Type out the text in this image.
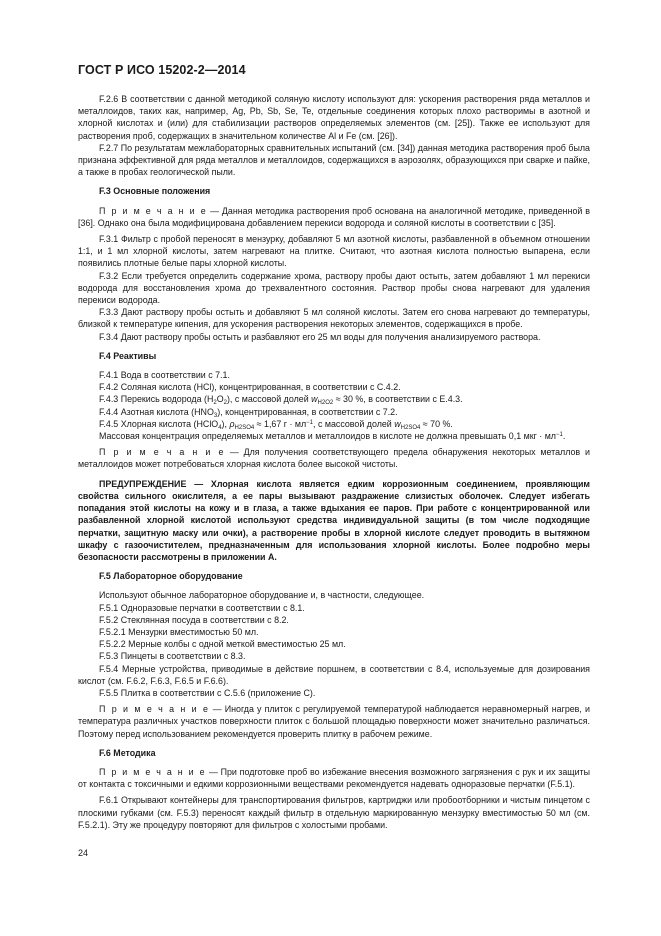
ГОСТ Р ИСО 15202-2—2014

F.2.6 В соответствии с данной методикой соляную кислоту используют для: ускорения растворения ряда металлов и металлоидов, таких как, например, Ag, Pb, Sb, Se, Te, отдельные соединения которых плохо растворимы в азотной и хлорной кислотах и (или) для стабилизации растворов определяемых элементов (см. [25]). Также ее используют для растворения проб, содержащих в значительном количестве Al и Fe (см. [26]).

F.2.7 По результатам межлабораторных сравнительных испытаний (см. [34]) данная методика растворения проб была признана эффективной для ряда металлов и металлоидов, содержащихся в аэрозолях, образующихся при сварке и пайке, а также в пробах геологической пыли.

F.3 Основные положения

П р и м е ч а н и е — Данная методика растворения проб основана на аналогичной методике, приведенной в [36]. Однако она была модифицирована добавлением перекиси водорода и соляной кислоты в соответствии с [35].

F.3.1 Фильтр с пробой переносят в мензурку, добавляют 5 мл азотной кислоты, разбавленной в объемном отношении 1:1, и 1 мл хлорной кислоты, затем нагревают на плитке. Считают, что азотная кислота полностью выпарена, если появились плотные белые пары хлорной кислоты.

F.3.2 Если требуется определить содержание хрома, раствору пробы дают остыть, затем добавляют 1 мл перекиси водорода для восстановления хрома до трехвалентного состояния. Раствор пробы снова нагревают для удаления перекиси водорода.

F.3.3 Дают раствору пробы остыть и добавляют 5 мл соляной кислоты. Затем его снова нагревают до температуры, близкой к температуре кипения, для ускорения растворения некоторых элементов, содержащихся в пробе.

F.3.4 Дают раствору пробы остыть и разбавляют его 25 мл воды для получения анализируемого раствора.

F.4 Реактивы

F.4.1 Вода в соответствии с 7.1.

F.4.2 Соляная кислота (HCl), концентрированная, в соответствии с С.4.2.

F.4.3 Перекись водорода $(H_2O_2)$, с массовой долей $w_{H2O2} \approx 30$ %, в соответствии с E.4.3.

F.4.4 Азотная кислота $(HNO_3)$, концентрированная, в соответствии с 7.2.

F.4.5 Хлорная кислота (HClO$_4$), $\rho_{H2SO4} \approx 1,67$ $г \cdot мл^{-1}$, с массовой долей $w_{H2SO4} \approx 70$ %.

Массовая концентрация определяемых металлов и металлоидов в кислоте не должна превышать 0,1 мкг · $мл^{-1}$.

П р и м е ч а н и е — Для получения соответствующего предела обнаружения некоторых металлов и металлоидов может потребоваться хлорная кислота более высокой чистоты.

ПРЕДУПРЕЖДЕНИЕ — Хлорная кислота является едким коррозионным соединением, проявляющим свойства сильного окислителя, а ее пары вызывают раздражение слизистых оболочек. Следует избегать попадания этой кислоты на кожу и в глаза, а также вдыхания ее паров. При работе с концентрированной или разбавленной хлорной кислотой используют средства индивидуальной защиты (в том числе подходящие перчатки, защитную маску или очки), а растворение пробы в хлорной кислоте следует проводить в вытяжном шкафу с газоочистителем, предназначенным для использования хлорной кислоты. Более подробно меры безопасности рассмотрены в приложении А.

F.5 Лабораторное оборудование

Используют обычное лабораторное оборудование и, в частности, следующее.

F.5.1 Одноразовые перчатки в соответствии с 8.1.

F.5.2 Стеклянная посуда в соответствии с 8.2.

F.5.2.1 Мензурки вместимостью 50 мл.

F.5.2.2 Мерные колбы с одной меткой вместимостью 25 мл.

F.5.3 Пинцеты в соответствии с 8.3.

F.5.4 Мерные устройства, приводимые в действие поршнем, в соответствии с 8.4, используемые для дозирования кислот (см. F.6.2, F.6.3, F.6.5 и F.6.6).

F.5.5 Плитка в соответствии с С.5.6 (приложение С).

П р и м е ч а н и е — Иногда у плиток с регулируемой температурой наблюдается неравномерный нагрев, и температура различных участков поверхности плиток с большой площадью поверхности может значительно различаться. Поэтому перед использованием рекомендуется проверить плитку в рабочем режиме.

F.6 Методика

П р и м е ч а н и е — При подготовке проб во избежание внесения возможного загрязнения с рук и их защиты от контакта с токсичными и едкими коррозионными веществами рекомендуется надевать одноразовые перчатки (F.5.1).

F.6.1 Открывают контейнеры для транспортирования фильтров, картриджи или пробоотборники и чистым пинцетом с плоскими губками (см. F.5.3) переносят каждый фильтр в отдельную маркированную мензурку вместимостью 50 мл (см. F.5.2.1). Эту же процедуру повторяют для фильтров с холостыми пробами.

24
